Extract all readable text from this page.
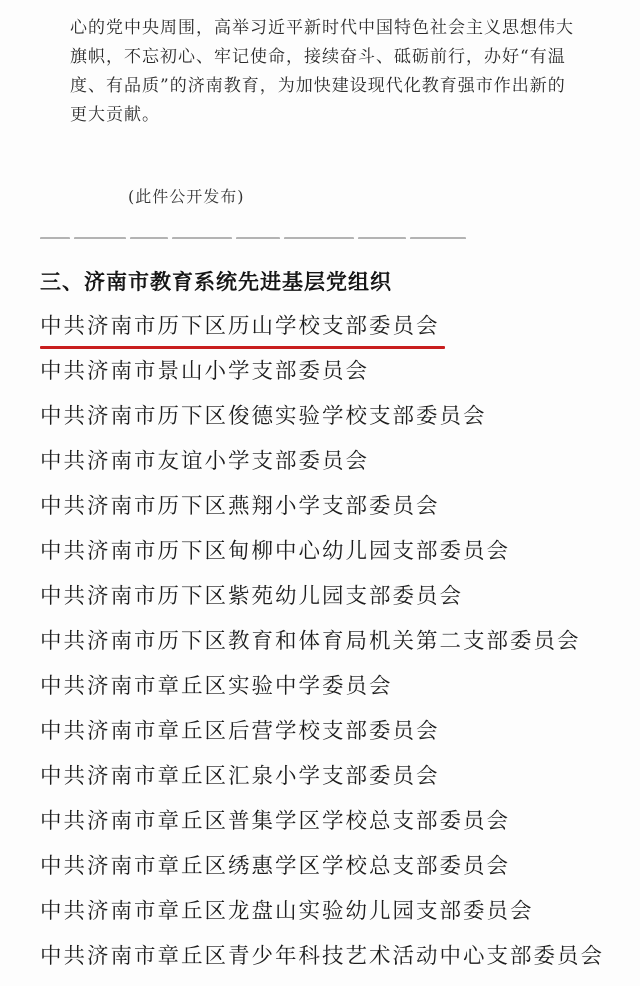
心的党中央周围，高举习近平新时代中国特色社会主义思想伟大

旗帜，不忘初心、牢记使命，接续奋斗、砥砺前行，办好“有温

度、有品质”的济南教育，为加快建设现代化教育强市作出新的

更大贡献。

(此件公开发布)
三、济南市教育系统先进基层党组织
中共济南市历下区历山学校支部委员会
中共济南市景山小学支部委员会
中共济南市历下区俊德实验学校支部委员会
中共济南市友谊小学支部委员会
中共济南市历下区燕翔小学支部委员会
中共济南市历下区甸柳中心幼儿园支部委员会
中共济南市历下区紫苑幼儿园支部委员会
中共济南市历下区教育和体育局机关第二支部委员会
中共济南市章丘区实验中学委员会
中共济南市章丘区后营学校支部委员会
中共济南市章丘区汇泉小学支部委员会
中共济南市章丘区普集学区学校总支部委员会
中共济南市章丘区绣惠学区学校总支部委员会
中共济南市章丘区龙盘山实验幼儿园支部委员会
中共济南市章丘区青少年科技艺术活动中心支部委员会
